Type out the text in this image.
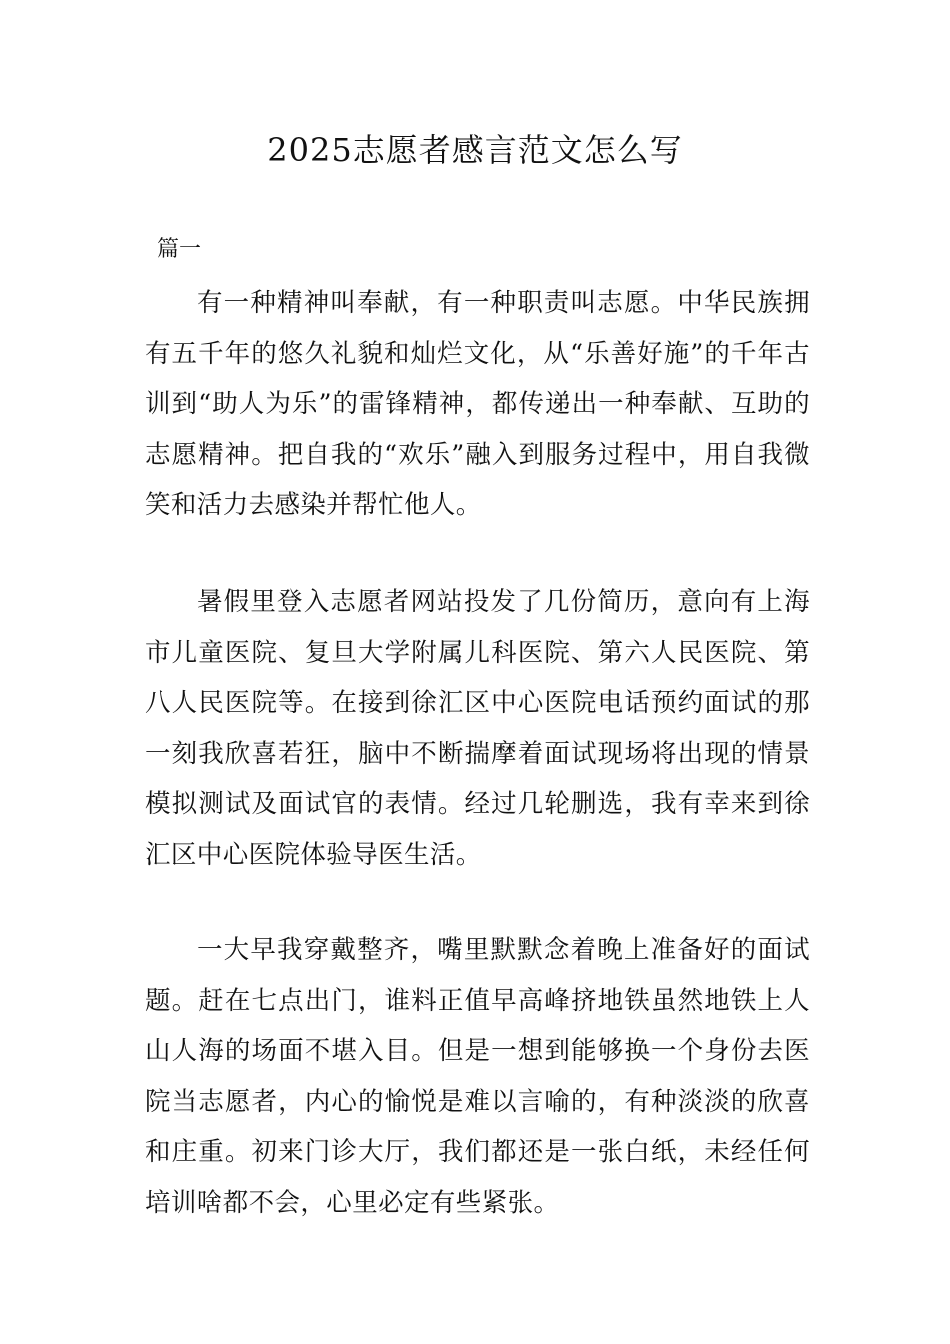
2025志愿者感言范文怎么写
篇一

有一种精神叫奉献，有一种职责叫志愿。中华民族拥有五千年的悠久礼貌和灿烂文化，从“乐善好施”的千年古训到“助人为乐”的雷锋精神，都传递出一种奉献、互助的志愿精神。把自我的“欢乐”融入到服务过程中，用自我微笑和活力去感染并帮忙他人。

暑假里登入志愿者网站投发了几份简历，意向有上海市儿童医院、复旦大学附属儿科医院、第六人民医院、第八人民医院等。在接到徐汇区中心医院电话预约面试的那一刻我欣喜若狂，脑中不断揣摩着面试现场将出现的情景模拟测试及面试官的表情。经过几轮删选，我有幸来到徐汇区中心医院体验导医生活。

一大早我穿戴整齐，嘴里默默念着晚上准备好的面试题。赶在七点出门，谁料正值早高峰挤地铁虽然地铁上人山人海的场面不堪入目。但是一想到能够换一个身份去医院当志愿者，内心的愉悦是难以言喻的，有种淡淡的欣喜和庄重。初来门诊大厅，我们都还是一张白纸，未经任何培训啥都不会，心里必定有些紧张。
